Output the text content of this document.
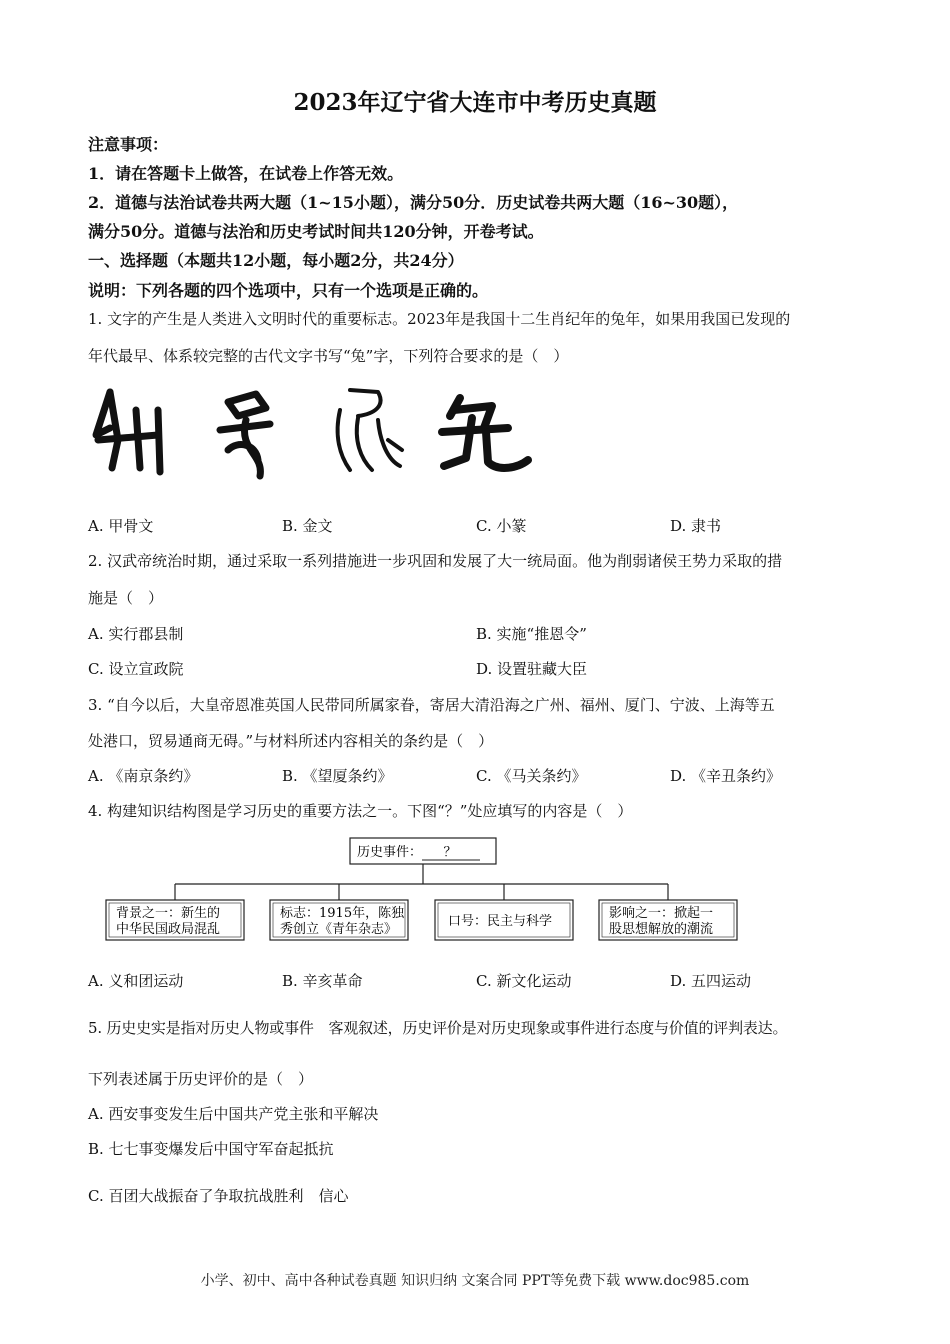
2023年辽宁省大连市中考历史真题
注意事项：
1．请在答题卡上做答，在试卷上作答无效。
2．道德与法治试卷共两大题（1~15小题），满分50分．历史试卷共两大题（16~30题），
满分50分。道德与法治和历史考试时间共120分钟，开卷考试。
一、选择题（本题共12小题，每小题2分，共24分）
说明：下列各题的四个选项中，只有一个选项是正确的。
1. 文字的产生是人类进入文明时代的重要标志。2023年是我国十二生肖纪年的兔年，如果用我国已发现的
年代最早、体系较完整的古代文字书写“兔”字，下列符合要求的是（　）
A. 甲骨文	B. 金文	C. 小篆	D. 隶书
2. 汉武帝统治时期，通过采取一系列措施进一步巩固和发展了大一统局面。他为削弱诸侯王势力采取的措
施是（　）
A. 实行郡县制	B. 实施“推恩令”
C. 设立宣政院	D. 设置驻藏大臣
3. “自今以后，大皇帝恩准英国人民带同所属家眷，寄居大清沿海之广州、福州、厦门、宁波、上海等五
处港口，贸易通商无碍。”与材料所述内容相关的条约是（　）
A. 《南京条约》	B. 《望厦条约》	C. 《马关条约》	D. 《辛丑条约》
4. 构建知识结构图是学习历史的重要方法之一。下图“？”处应填写的内容是（　）
历史事件： ？
背景之一：新生的
中华民国政局混乱
标志：1915年，陈独
秀创立《青年杂志》
口号：民主与科学
影响之一：掀起一
股思想解放的潮流
A. 义和团运动	B. 辛亥革命	C. 新文化运动	D. 五四运动
5. 历史史实是指对历史人物或事件　客观叙述，历史评价是对历史现象或事件进行态度与价值的评判表达。
下列表述属于历史评价的是（　）
A. 西安事变发生后中国共产党主张和平解决
B. 七七事变爆发后中国守军奋起抵抗
C. 百团大战振奋了争取抗战胜利　信心
小学、初中、高中各种试卷真题 知识归纳 文案合同 PPT等免费下载 www.doc985.com
